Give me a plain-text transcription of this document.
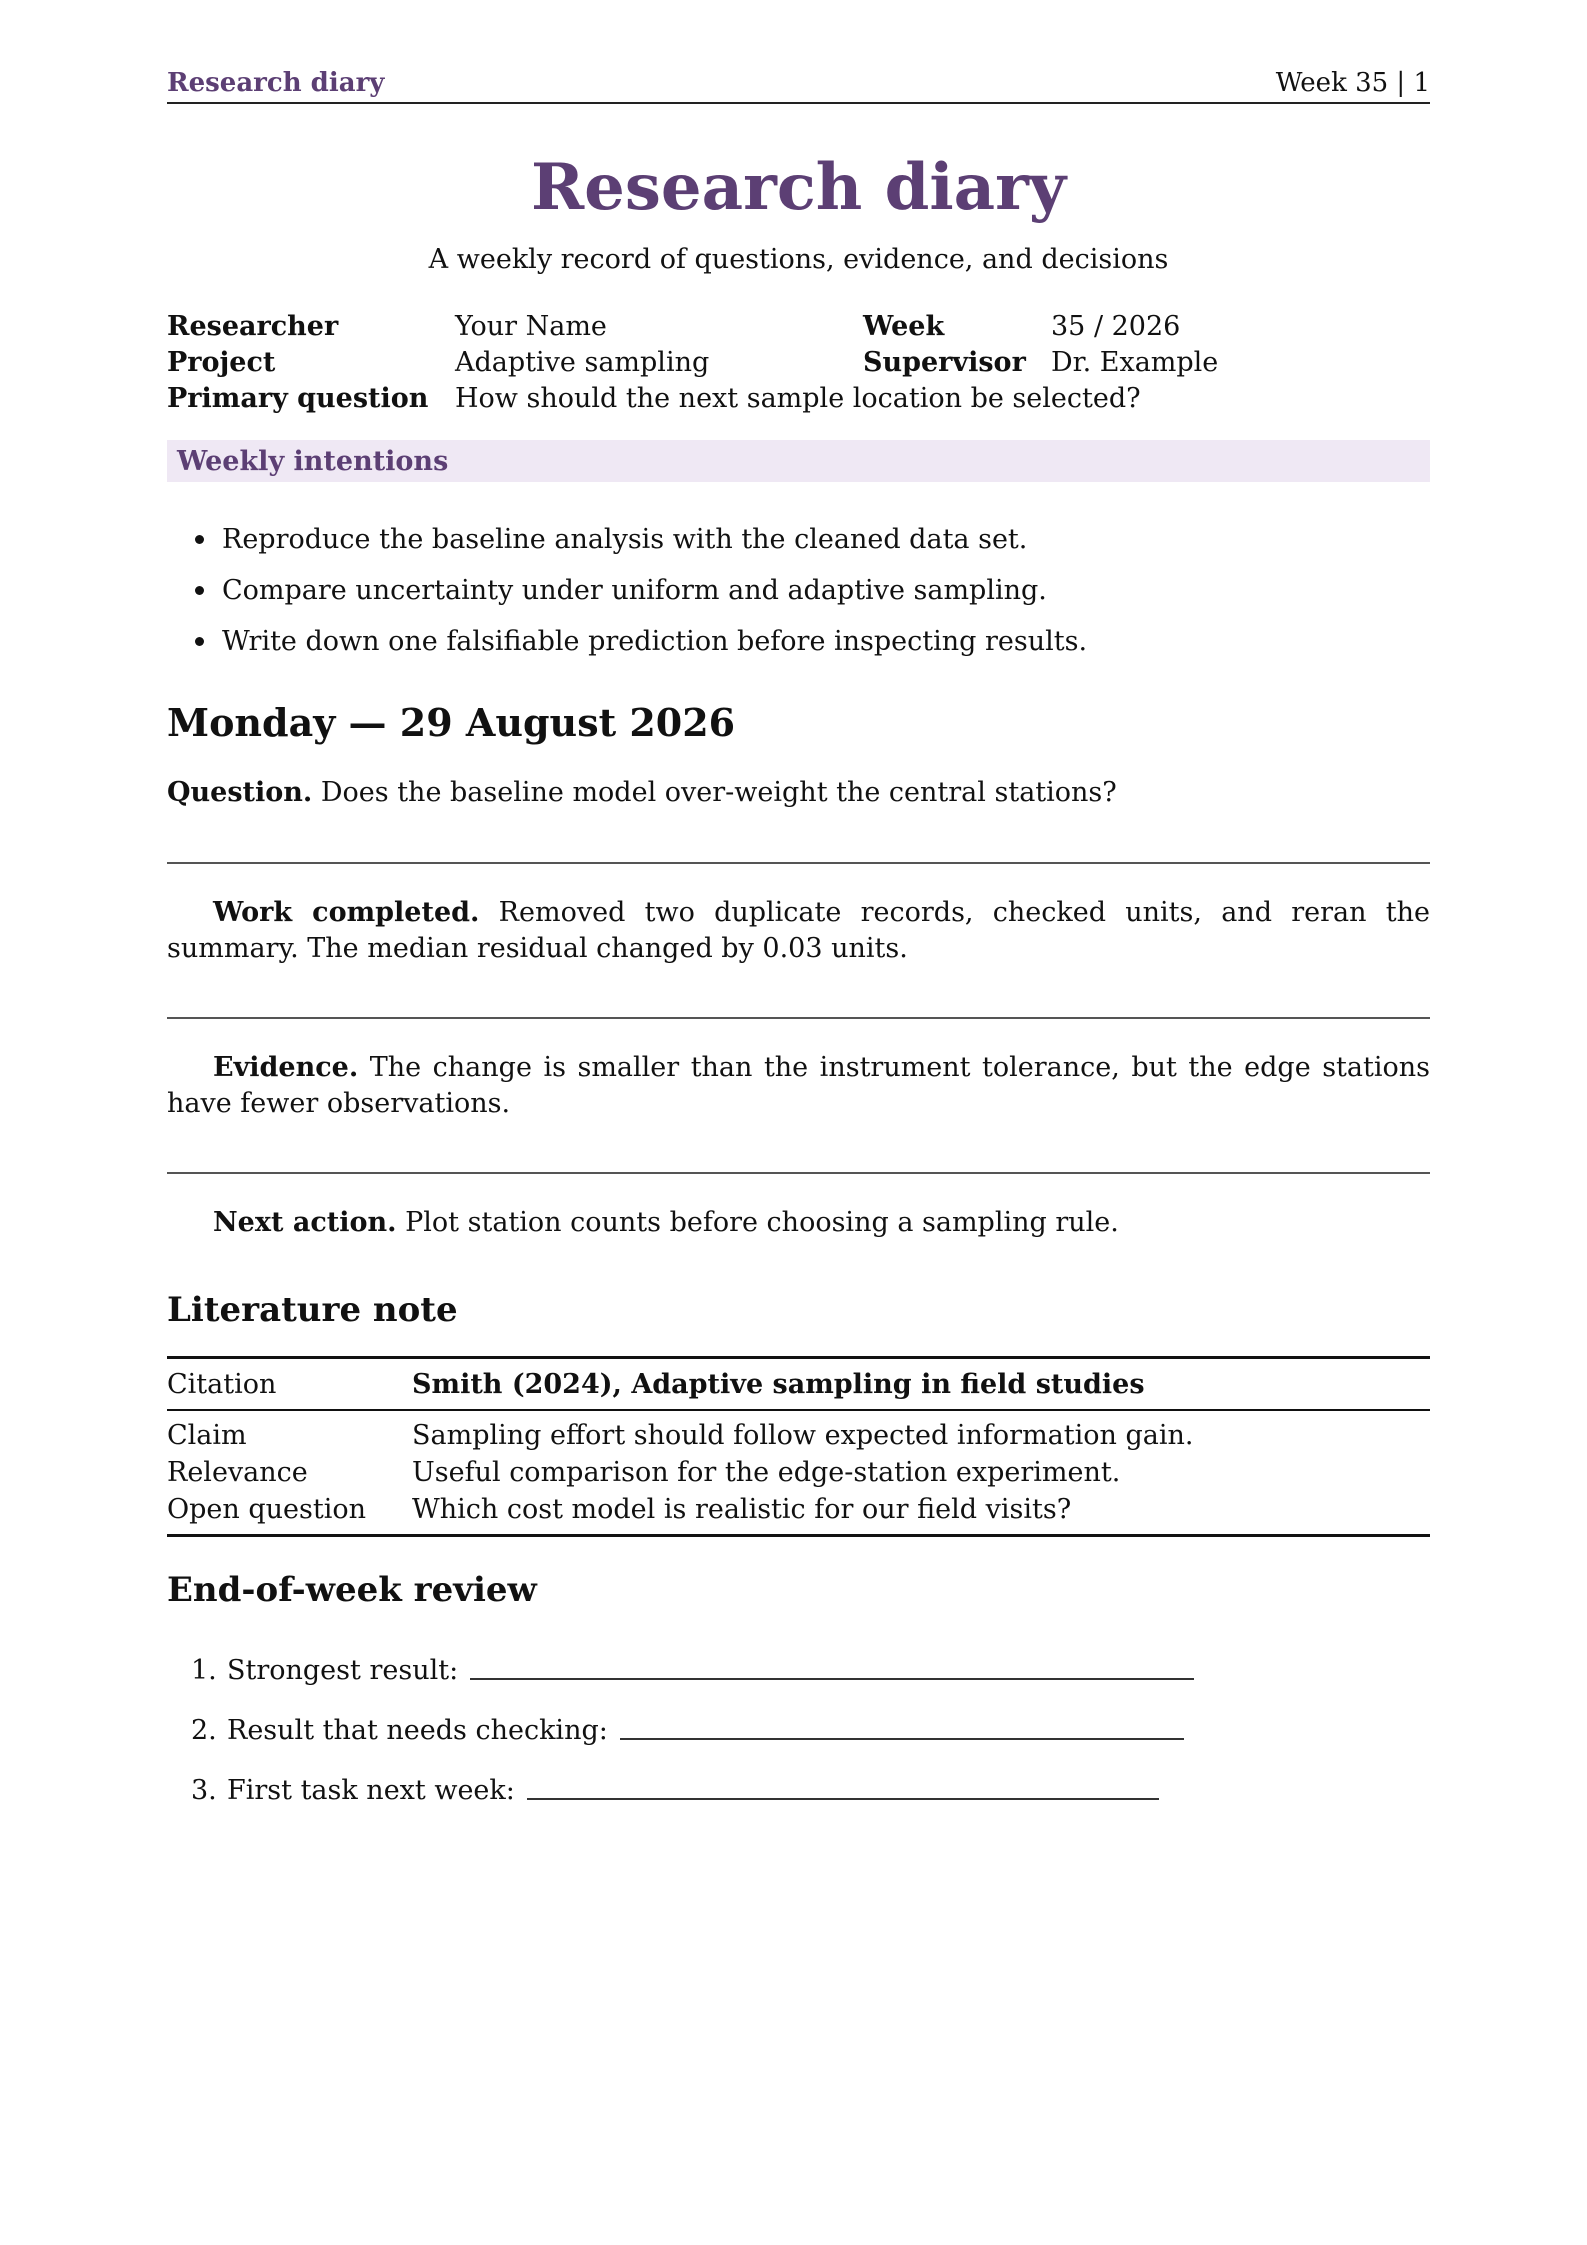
Research diary	Week 35 | 1
Research diary
A weekly record of questions, evidence, and decisions
Researcher	Your Name	Week	35 / 2026
Project	Adaptive sampling	Supervisor Dr. Example
Primary question How should the next sample location be selected?
Weekly intentions
Reproduce the baseline analysis with the cleaned data set.
Compare uncertainty under uniform and adaptive sampling.
Write down one falsifiable prediction before inspecting results.
Monday — 29 August 2026
Question. Does the baseline model over-weight the central stations?
Work completed. Removed two duplicate records, checked units, and reran the summary. The median residual changed by 0.03 units.
Evidence. The change is smaller than the instrument tolerance, but the edge stations have fewer observations.
Next action. Plot station counts before choosing a sampling rule.
Literature note
Citation	Smith (2024), Adaptive sampling in field studies
Claim	Sampling effort should follow expected information gain.
Relevance	Useful comparison for the edge-station experiment.
Open question	Which cost model is realistic for our field visits?
End-of-week review
1. Strongest result:
2. Result that needs checking:
3. First task next week:
